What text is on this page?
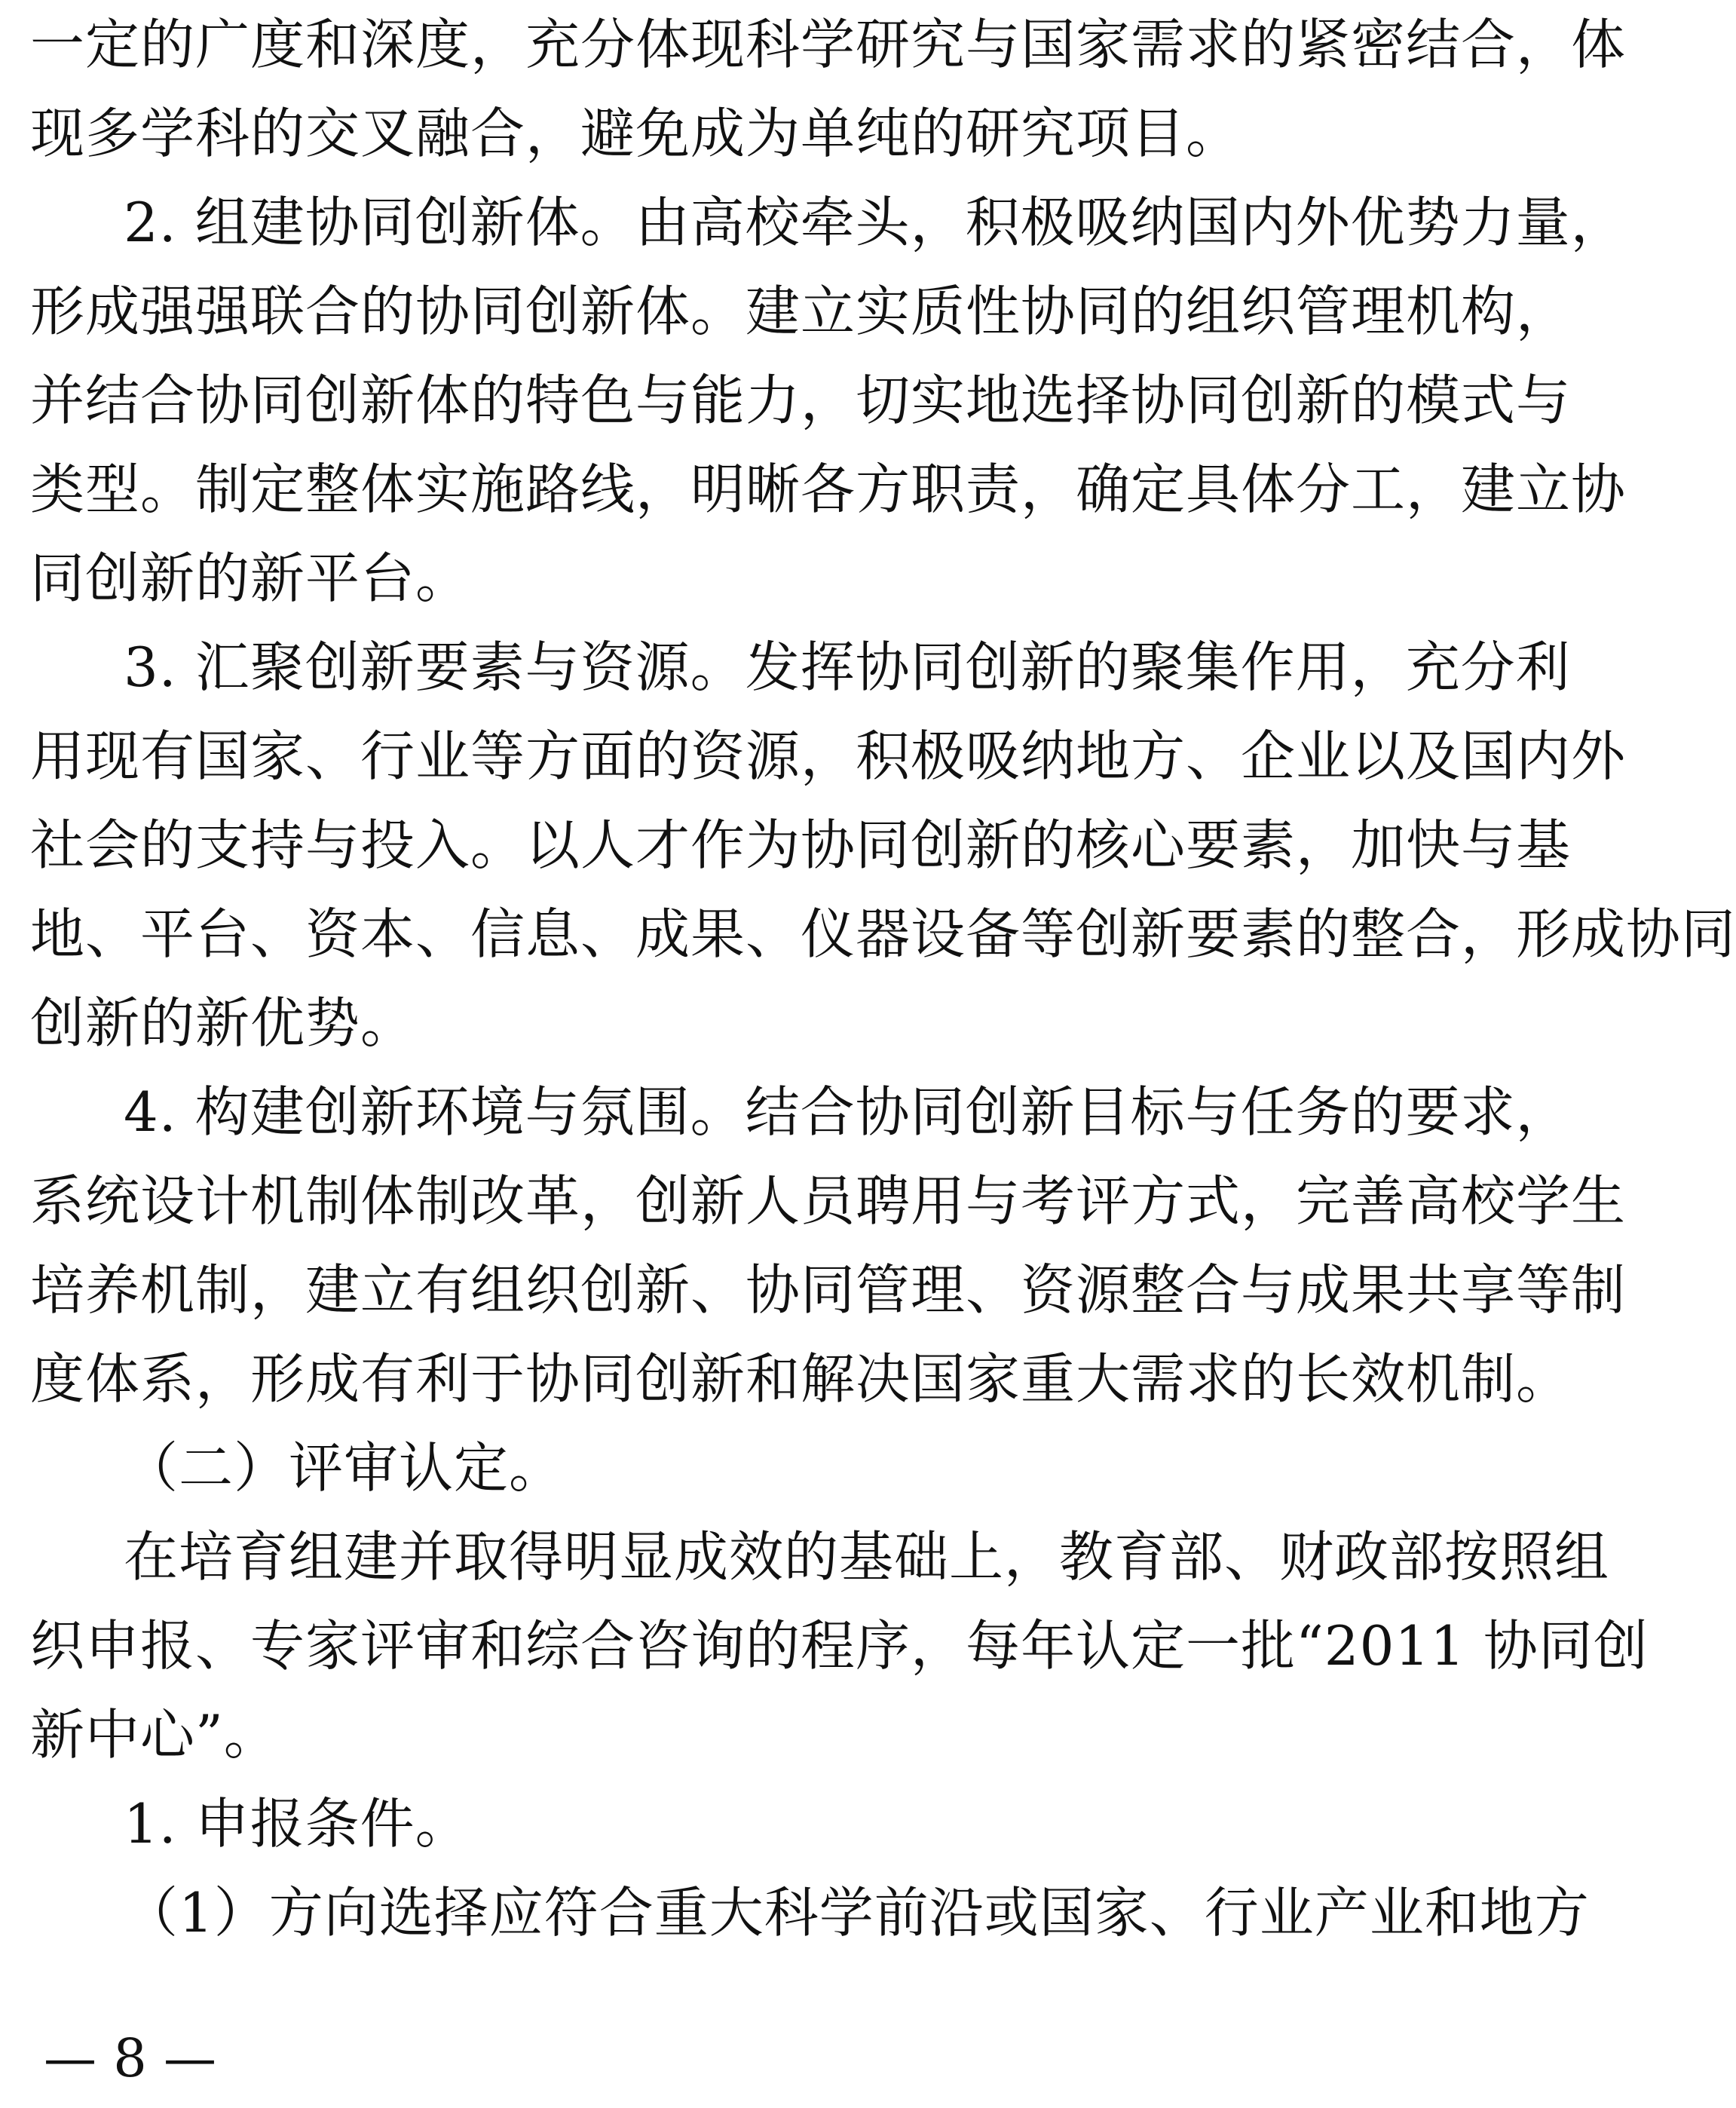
一定的广度和深度，充分体现科学研究与国家需求的紧密结合，体
现多学科的交叉融合，避免成为单纯的研究项目。
2. 组建协同创新体。由高校牵头，积极吸纳国内外优势力量，
形成强强联合的协同创新体。建立实质性协同的组织管理机构，
并结合协同创新体的特色与能力，切实地选择协同创新的模式与
类型。制定整体实施路线，明晰各方职责，确定具体分工，建立协
同创新的新平台。
3. 汇聚创新要素与资源。发挥协同创新的聚集作用，充分利
用现有国家、行业等方面的资源，积极吸纳地方、企业以及国内外
社会的支持与投入。以人才作为协同创新的核心要素，加快与基
地、平台、资本、信息、成果、仪器设备等创新要素的整合，形成协同
创新的新优势。
4. 构建创新环境与氛围。结合协同创新目标与任务的要求，
系统设计机制体制改革，创新人员聘用与考评方式，完善高校学生
培养机制，建立有组织创新、协同管理、资源整合与成果共享等制
度体系，形成有利于协同创新和解决国家重大需求的长效机制。
（二）评审认定。
在培育组建并取得明显成效的基础上，教育部、财政部按照组
织申报、专家评审和综合咨询的程序，每年认定一批“2011 协同创
新中心”。
1. 申报条件。
（1）方向选择应符合重大科学前沿或国家、行业产业和地方
— 8 —
